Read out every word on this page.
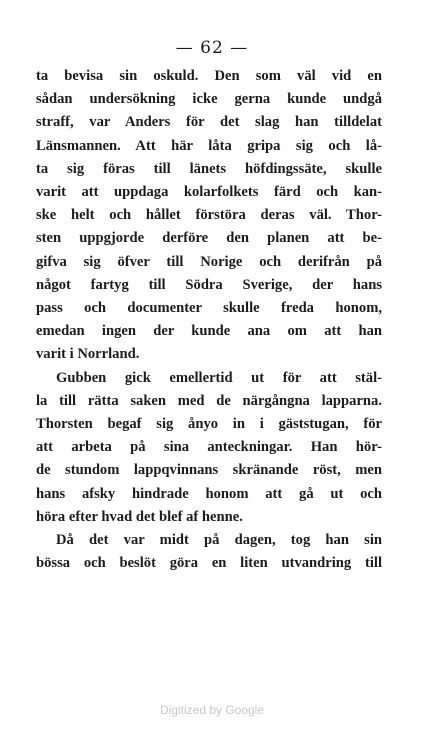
— 62 —
ta bevisa sin oskuld. Den som väl vid en
sådan undersökning icke gerna kunde undgå
straff, var Anders för det slag han tilldelat
Länsmannen. Att här låta gripa sig och lå-
ta sig föras till länets höfdingssäte, skulle
varit att uppdaga kolarfolkets färd och kan-
ske helt och hållet förstöra deras väl. Thor-
sten uppgjorde derföre den planen att be-
gifva sig öfver till Norige och derifrån på
något fartyg till Södra Sverige, der hans
pass och documenter skulle freda honom,
emedan ingen der kunde ana om att han
varit i Norrland.
Gubben gick emellertid ut för att stäl-
la till rätta saken med de närgångna lapparna.
Thorsten begaf sig ånyo in i gäststugan, för
att arbeta på sina anteckningar. Han hör-
de stundom lappqvinnans skränande röst, men
hans afsky hindrade honom att gå ut och
höra efter hvad det blef af henne.
Då det var midt på dagen, tog han sin
bössa och beslöt göra en liten utvandring till
Digitized by Google
